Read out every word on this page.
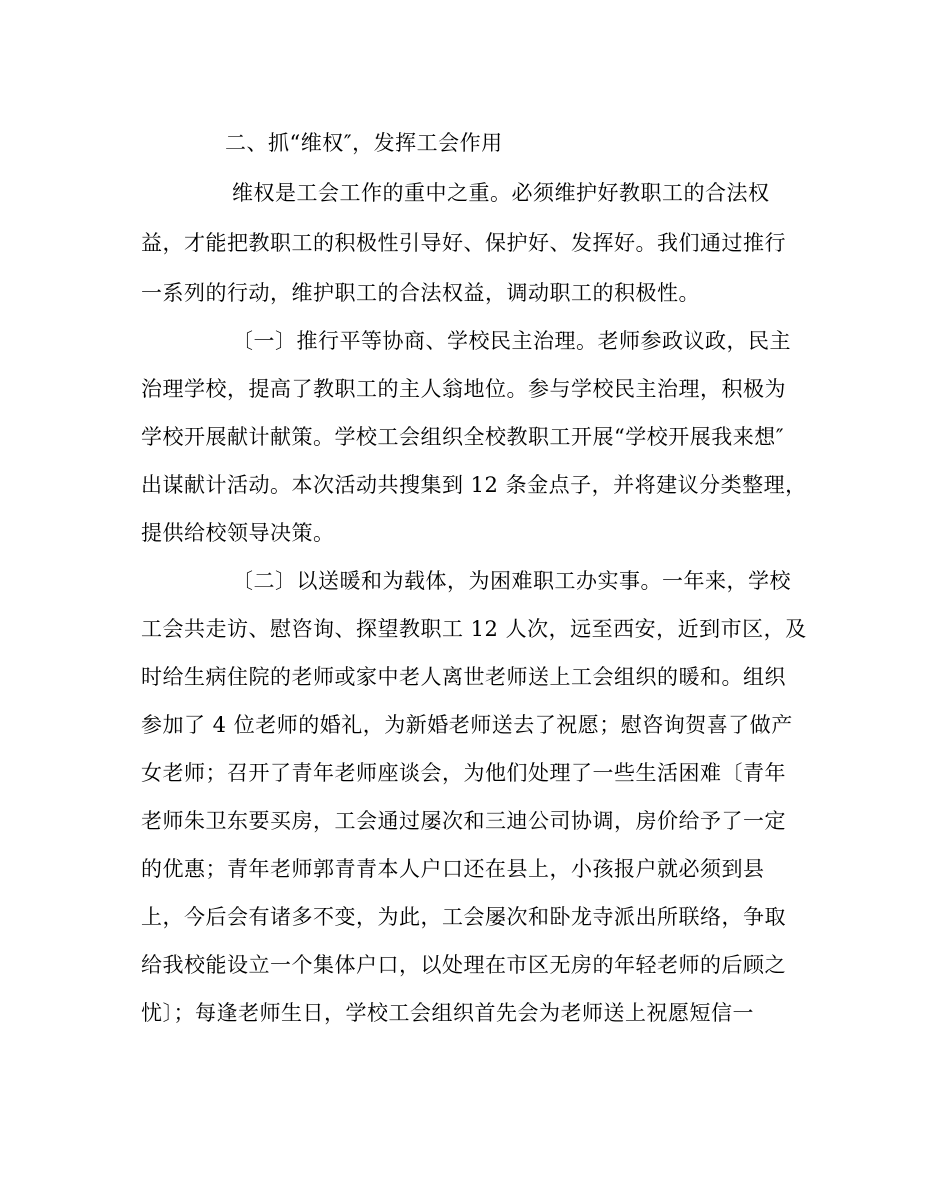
二、抓“维权″，发挥工会作用
维权是工会工作的重中之重。必须维护好教职工的合法权
益，才能把教职工的积极性引导好、保护好、发挥好。我们通过推行
一系列的行动，维护职工的合法权益，调动职工的积极性。
〔一〕推行平等协商、学校民主治理。老师参政议政，民主
治理学校，提高了教职工的主人翁地位。参与学校民主治理，积极为
学校开展献计献策。学校工会组织全校教职工开展“学校开展我来想″
出谋献计活动。本次活动共搜集到 12 条金点子，并将建议分类整理，
提供给校领导决策。
〔二〕以送暖和为载体，为困难职工办实事。一年来，学校
工会共走访、慰咨询、探望教职工 12 人次，远至西安，近到市区，及
时给生病住院的老师或家中老人离世老师送上工会组织的暖和。组织
参加了 4 位老师的婚礼，为新婚老师送去了祝愿；慰咨询贺喜了做产
女老师；召开了青年老师座谈会，为他们处理了一些生活困难〔青年
老师朱卫东要买房，工会通过屡次和三迪公司协调，房价给予了一定
的优惠；青年老师郭青青本人户口还在县上，小孩报户就必须到县
上，今后会有诸多不变，为此，工会屡次和卧龙寺派出所联络，争取
给我校能设立一个集体户口，以处理在市区无房的年轻老师的后顾之
忧〕；每逢老师生日，学校工会组织首先会为老师送上祝愿短信一
